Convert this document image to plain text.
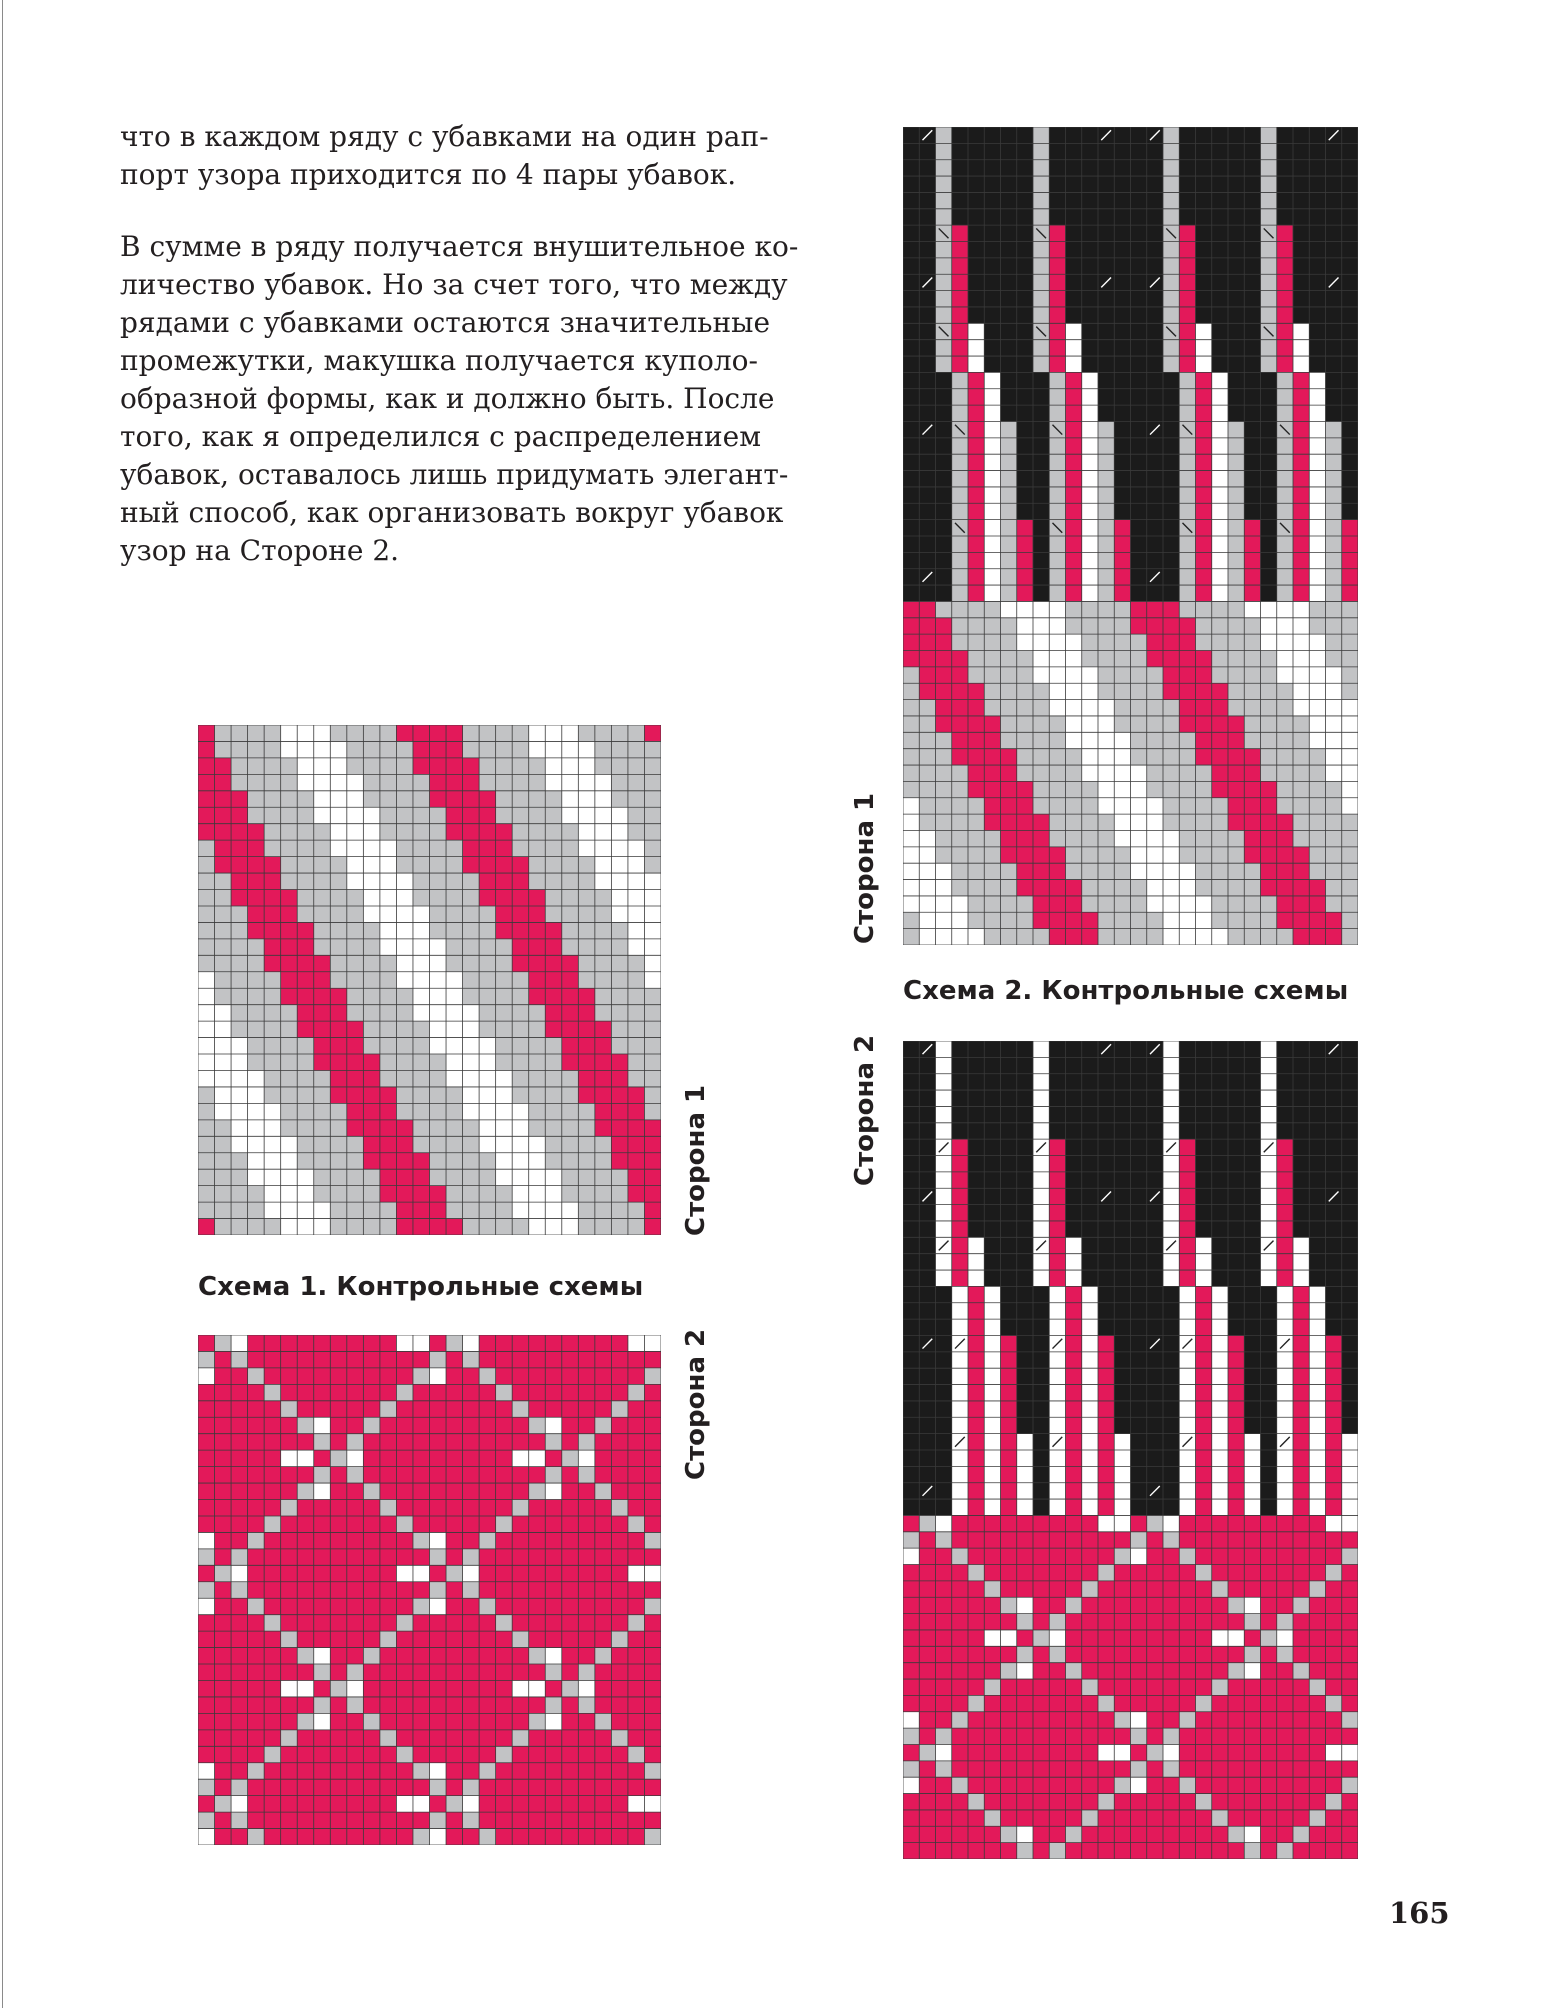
что в каждом ряду с убавками на один рап-
порт узора приходится по 4 пары убавок.

В сумме в ряду получается внушительное ко-
личество убавок. Но за счет того, что между
рядами с убавками остаются значительные
промежутки, макушка получается куполо-
образной формы, как и должно быть. После
того, как я определился с распределением
убавок, оставалось лишь придумать элегант-
ный способ, как организовать вокруг убавок
узор на Стороне 2.

Сторона 1
Схема 1. Контрольные схемы
Сторона 2
Сторона 1
Схема 2. Контрольные схемы
Сторона 2
165
